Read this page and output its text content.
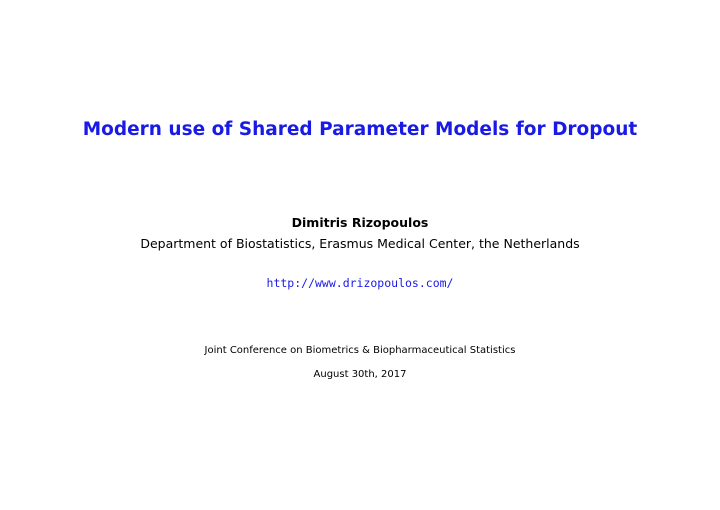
Modern use of Shared Parameter Models for Dropout
Dimitris Rizopoulos
Department of Biostatistics, Erasmus Medical Center, the Netherlands
http://www.drizopoulos.com/
Joint Conference on Biometrics & Biopharmaceutical Statistics
August 30th, 2017
